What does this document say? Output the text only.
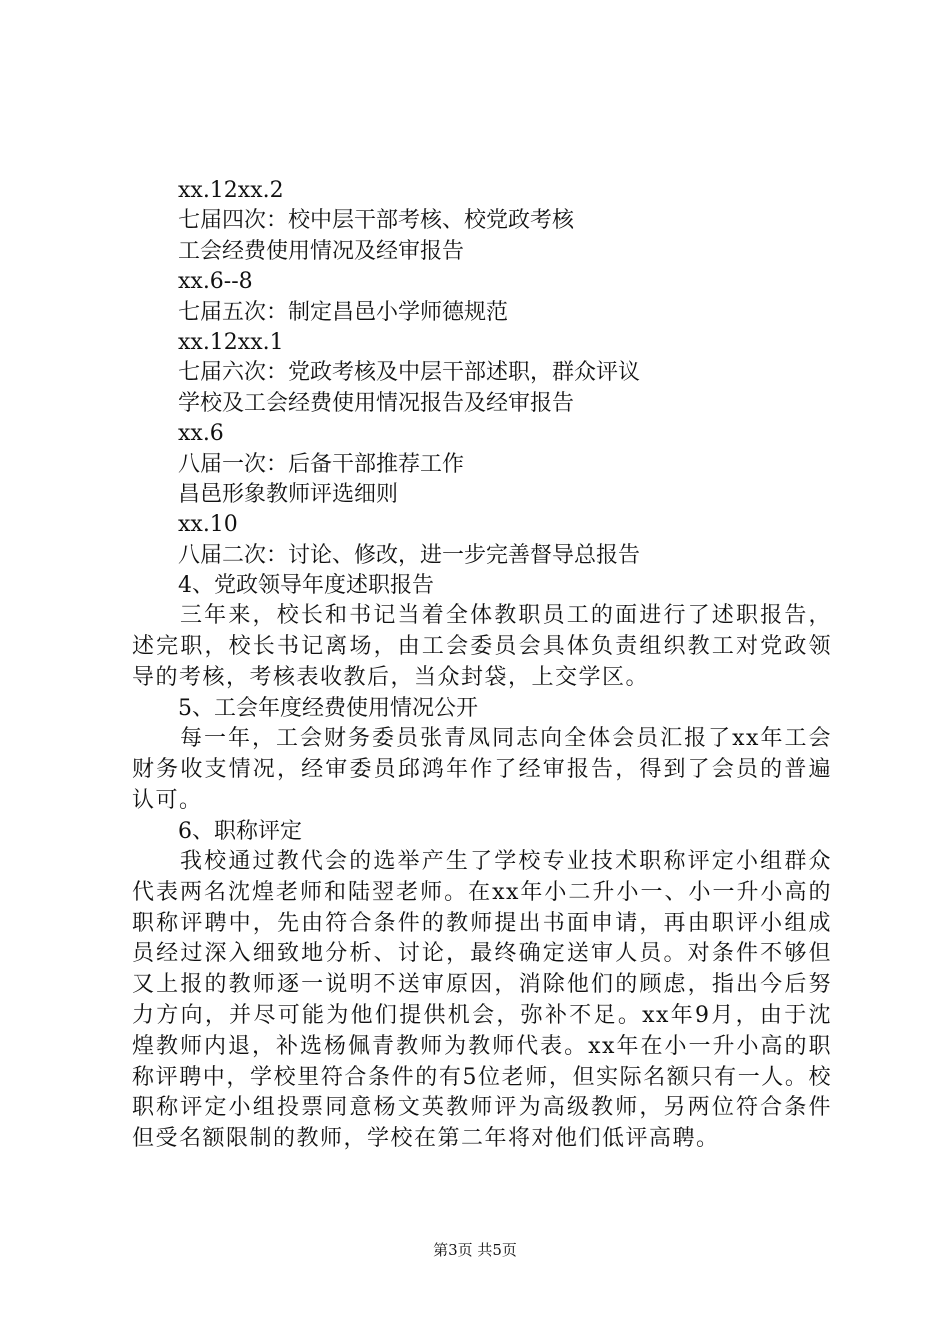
xx.12xx.2
七届四次：校中层干部考核、校党政考核
工会经费使用情况及经审报告
xx.6--8
七届五次：制定昌邑小学师德规范
xx.12xx.1
七届六次：党政考核及中层干部述职，群众评议
学校及工会经费使用情况报告及经审报告
xx.6
八届一次：后备干部推荐工作
昌邑形象教师评选细则
xx.10
八届二次：讨论、修改，进一步完善督导总报告
4、党政领导年度述职报告

三年来，校长和书记当着全体教职员工的面进行了述职报告，述完职，校长书记离场，由工会委员会具体负责组织教工对党政领导的考核，考核表收教后，当众封袋，上交学区。

5、工会年度经费使用情况公开

每一年，工会财务委员张青凤同志向全体会员汇报了xx年工会财务收支情况，经审委员邱鸿年作了经审报告，得到了会员的普遍认可。

6、职称评定

我校通过教代会的选举产生了学校专业技术职称评定小组群众代表两名沈煌老师和陆翌老师。在xx年小二升小一、小一升小高的职称评聘中，先由符合条件的教师提出书面申请，再由职评小组成员经过深入细致地分析、讨论，最终确定送审人员。对条件不够但又上报的教师逐一说明不送审原因，消除他们的顾虑，指出今后努力方向，并尽可能为他们提供机会，弥补不足。xx年9月，由于沈煌教师内退，补选杨佩青教师为教师代表。xx年在小一升小高的职称评聘中，学校里符合条件的有5位老师，但实际名额只有一人。校职称评定小组投票同意杨文英教师评为高级教师，另两位符合条件但受名额限制的教师，学校在第二年将对他们低评高聘。

第3页 共5页
